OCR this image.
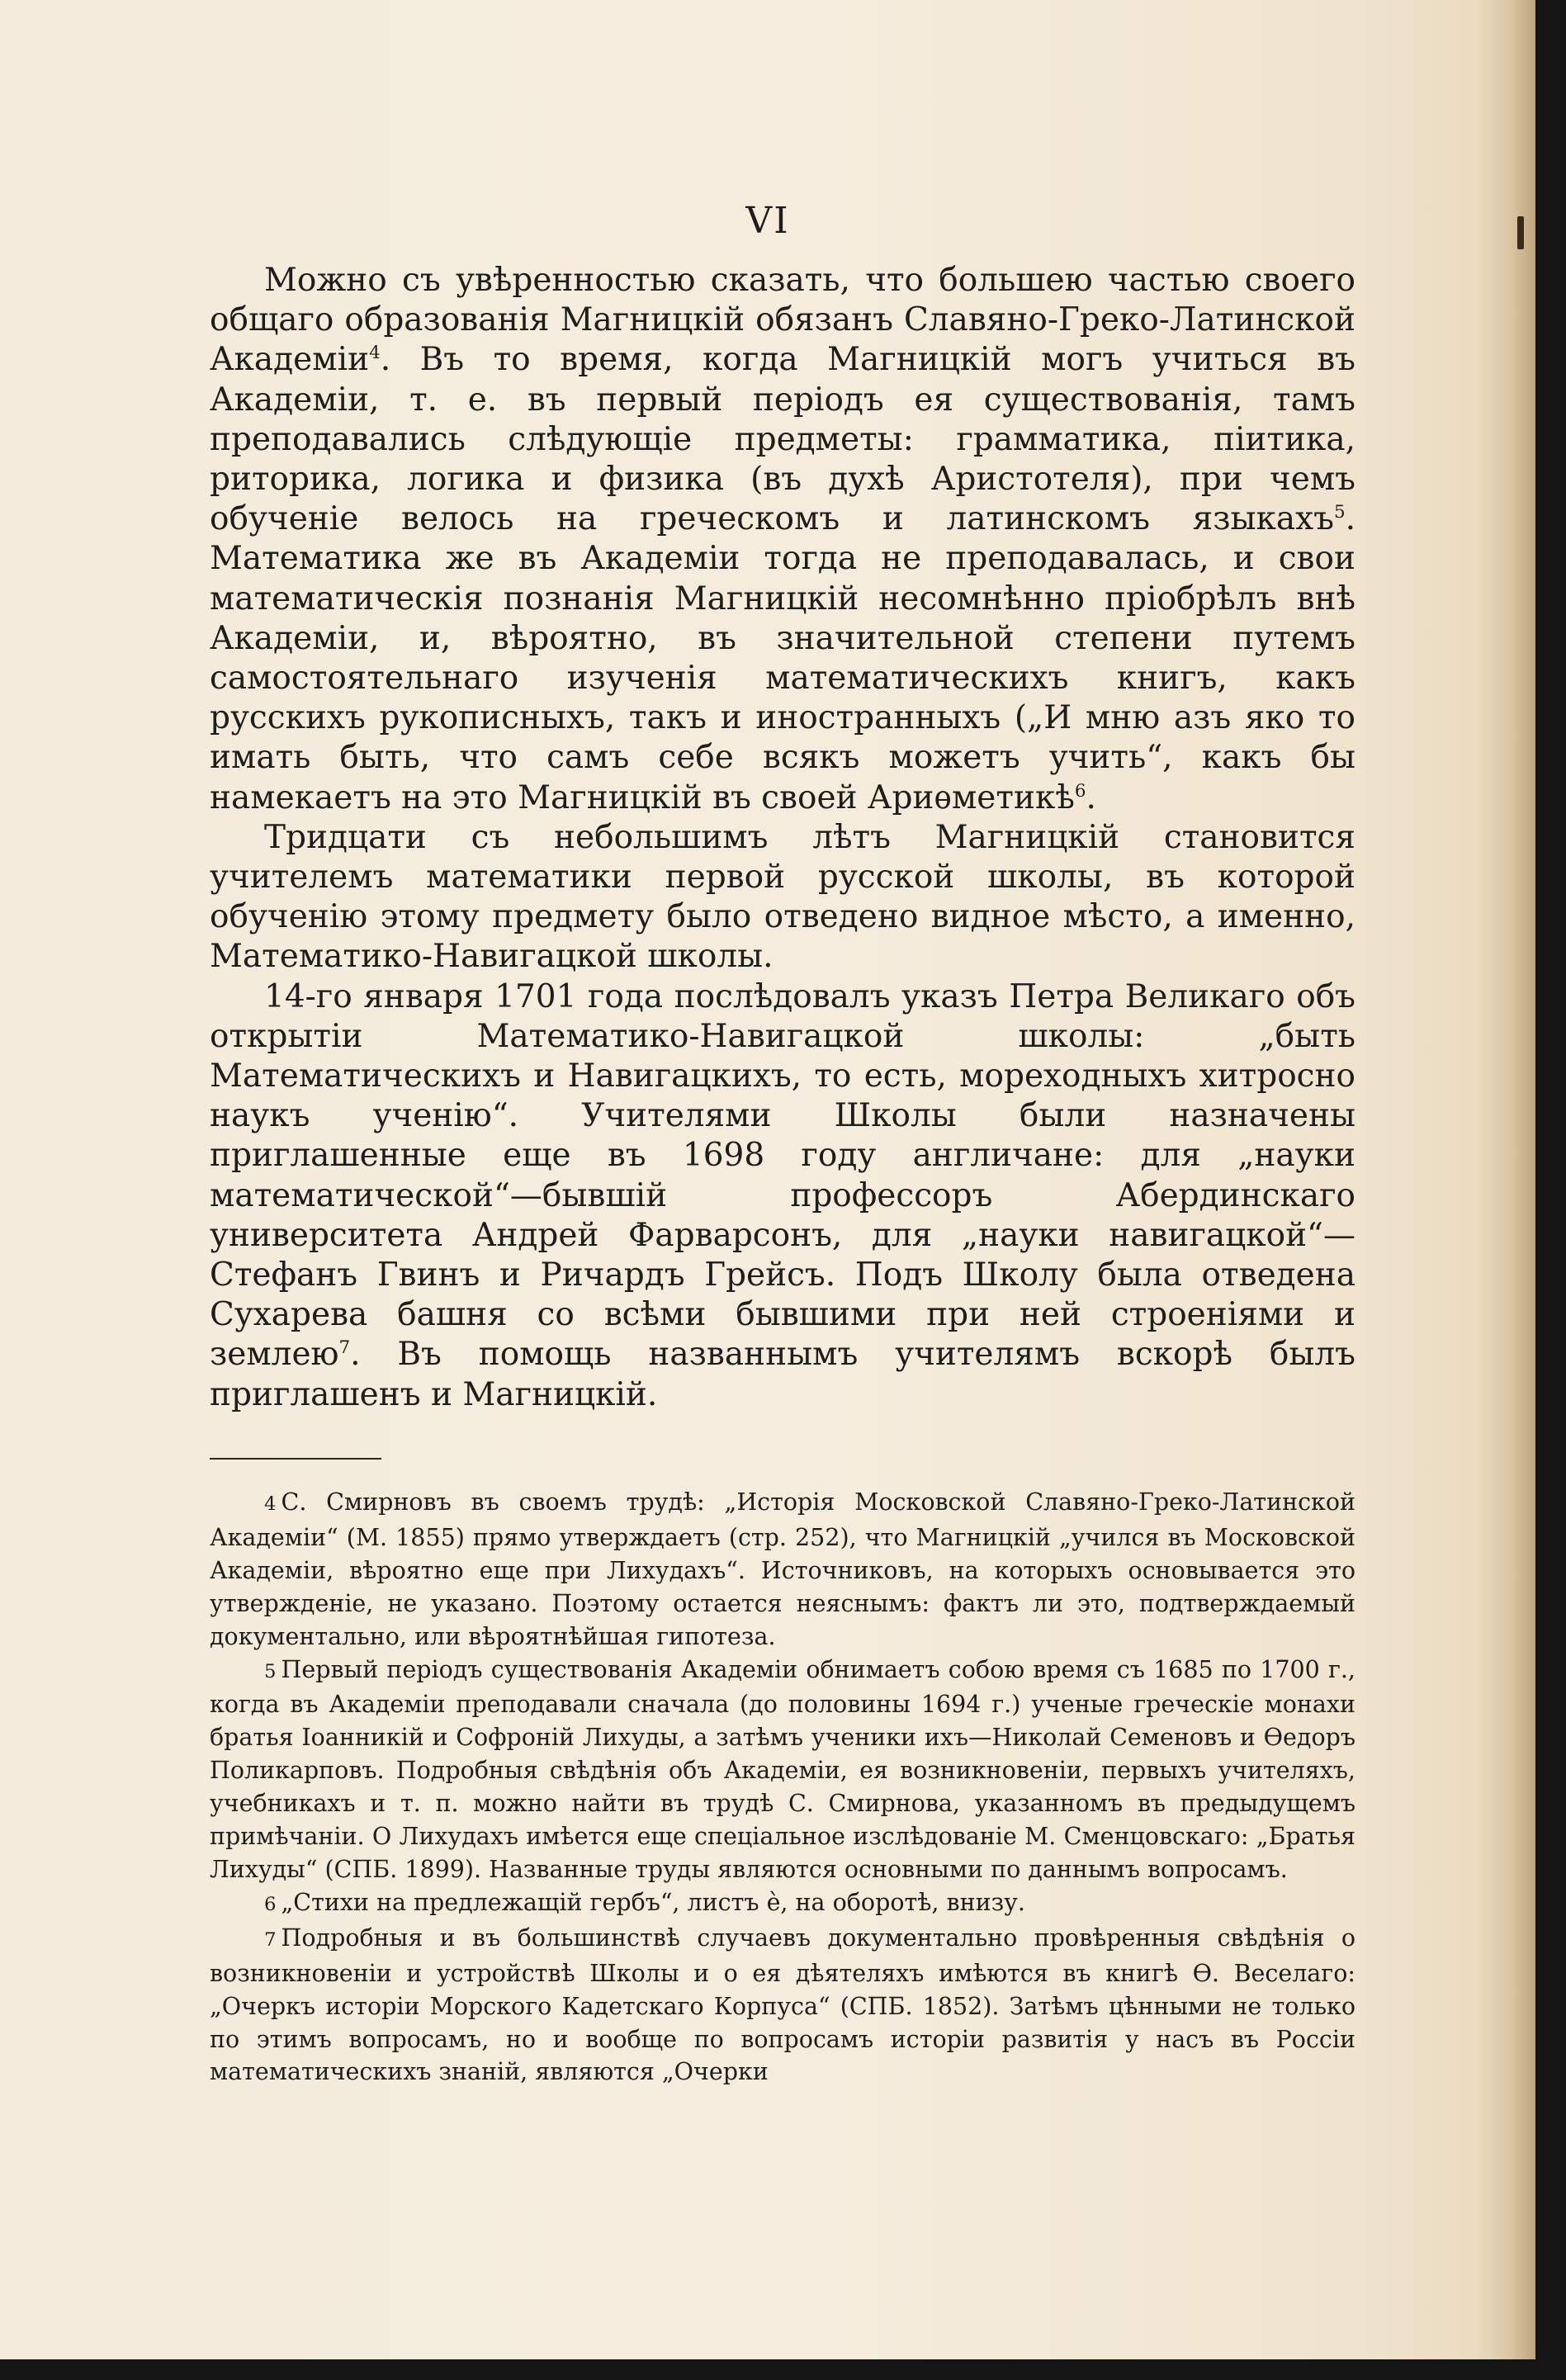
VI

Можно съ увѣренностью сказать, что большею частью своего общаго образованія Магницкій обязанъ Славяно-Греко-Латинской Академіи$^4$. Въ то время, когда Магницкій могъ учиться въ Академіи, т. е. въ первый періодъ ея существованія, тамъ преподавались слѣдующіе предметы: грамматика, піитика, риторика, логика и физика (въ духѣ Аристотеля), при чемъ обученіе велось на греческомъ и латинскомъ языкахъ$^5$. Математика же въ Академіи тогда не преподавалась, и свои математическія познанія Магницкій несомнѣнно пріобрѣлъ внѣ Академіи, и, вѣроятно, въ значительной степени путемъ самостоятельнаго изученія математическихъ книгъ, какъ русскихъ рукописныхъ, такъ и иностранныхъ („И мню азъ яко то имать быть, что самъ себе всякъ можетъ учить“, какъ бы намекаетъ на это Магницкій въ своей Ариѳметикѣ$^6$.

Тридцати съ небольшимъ лѣтъ Магницкій становится учителемъ математики первой русской школы, въ которой обученію этому предмету было отведено видное мѣсто, а именно, Математико-Навигацкой школы.

14-го января 1701 года послѣдовалъ указъ Петра Великаго объ открытіи Математико-Навигацкой школы: „быть Математическихъ и Навигацкихъ, то есть, мореходныхъ хитросно наукъ ученію“. Учителями Школы были назначены приглашенные еще въ 1698 году англичане: для „науки математической“—бывшій профессоръ Абердинскаго университета Андрей Фарварсонъ, для „науки навигацкой“—Стефанъ Гвинъ и Ричардъ Грейсъ. Подъ Школу была отведена Сухарева башня со всѣми бывшими при ней строеніями и землею$^7$. Въ помощь названнымъ учителямъ вскорѣ былъ приглашенъ и Магницкій.

4 С. Смирновъ въ своемъ трудѣ: „Исторія Московской Славяно-Греко-Латинской Академіи“ (М. 1855) прямо утверждаетъ (стр. 252), что Магницкій „учился въ Московской Академіи, вѣроятно еще при Лихудахъ“. Источниковъ, на которыхъ основывается это утвержденіе, не указано. Поэтому остается неяснымъ: фактъ ли это, подтверждаемый документально, или вѣроятнѣйшая гипотеза.

5 Первый періодъ существованія Академіи обнимаетъ собою время съ 1685 по 1700 г., когда въ Академіи преподавали сначала (до половины 1694 г.) ученые греческіе монахи братья Іоанникій и Софроній Лихуды, а затѣмъ ученики ихъ—Николай Семеновъ и Ѳедоръ Поликарповъ. Подробныя свѣдѣнія объ Академіи, ея возникновеніи, первыхъ учителяхъ, учебникахъ и т. п. можно найти въ трудѣ С. Смирнова, указанномъ въ предыдущемъ примѣчаніи. О Лихудахъ имѣется еще спеціальное изслѣдованіе М. Сменцовскаго: „Братья Лихуды“ (СПБ. 1899). Названные труды являются основными по даннымъ вопросамъ.

6 „Стихи на предлежащій гербъ“, листъ ѐ, на оборотѣ, внизу.

7 Подробныя и въ большинствѣ случаевъ документально провѣренныя свѣдѣнія о возникновеніи и устройствѣ Школы и о ея дѣятеляхъ имѣются въ книгѣ Ѳ. Веселаго: „Очеркъ исторіи Морского Кадетскаго Корпуса“ (СПБ. 1852). Затѣмъ цѣнными не только по этимъ вопросамъ, но и вообще по вопросамъ исторіи развитія у насъ въ Россіи математическихъ знаній, являются „Очерки
